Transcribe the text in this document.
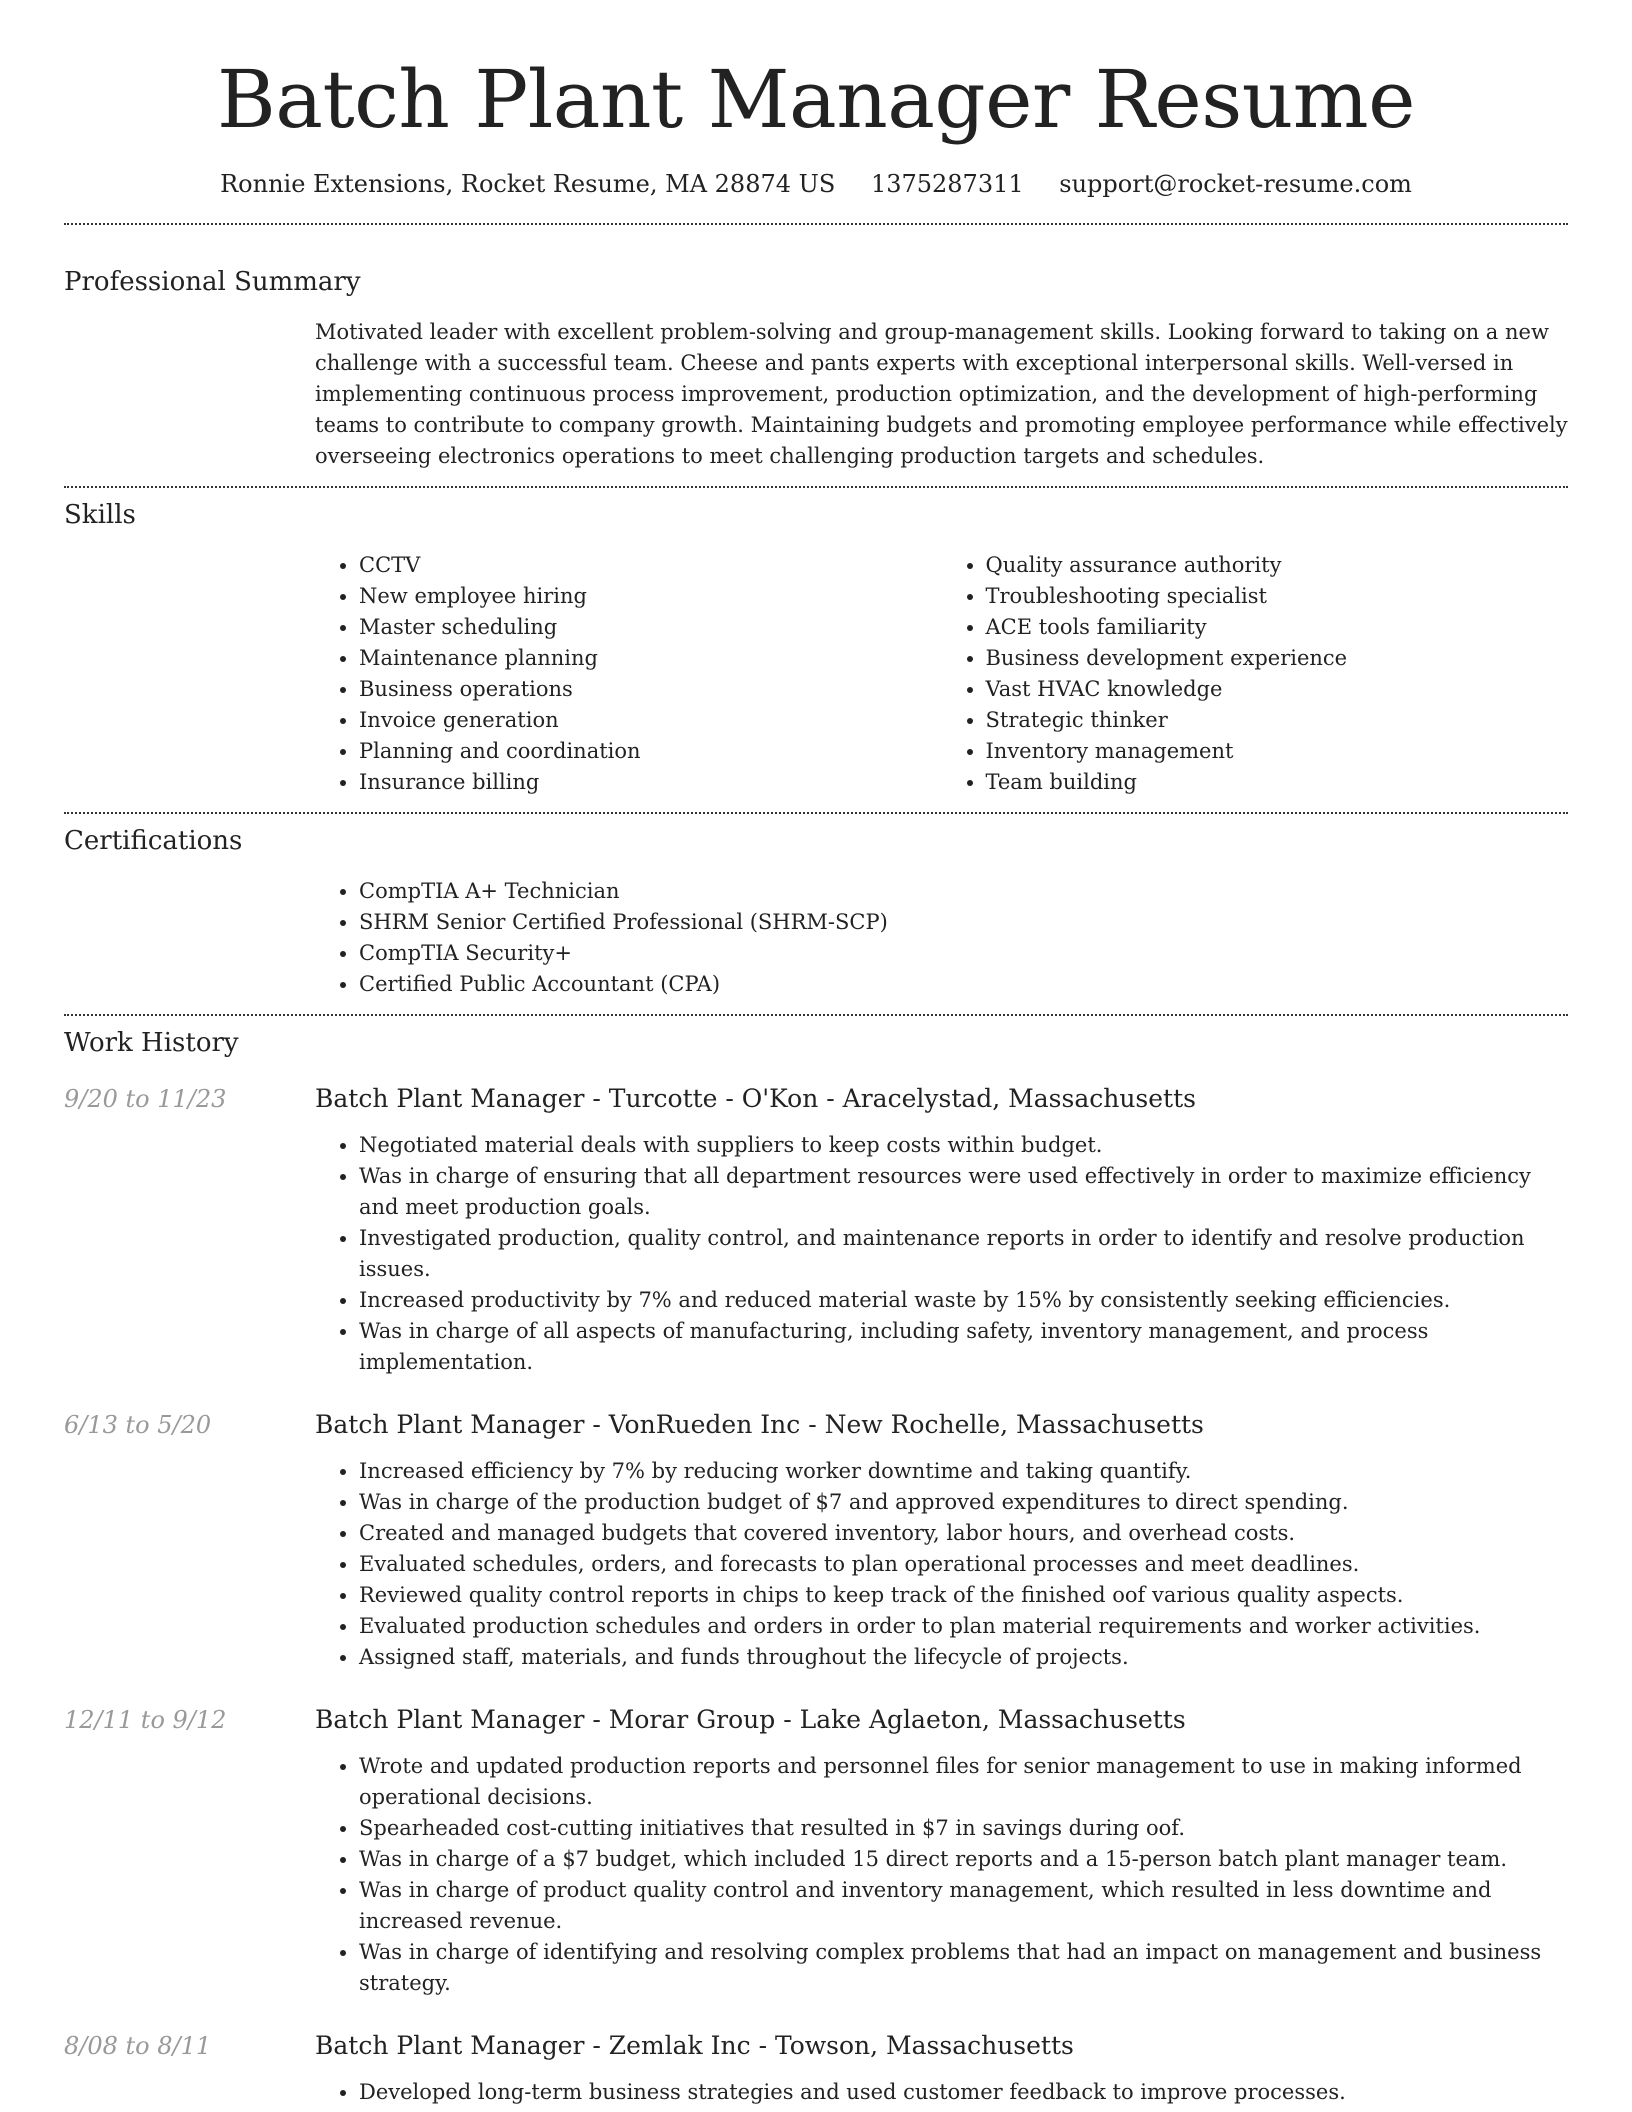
Batch Plant Manager Resume
Ronnie Extensions, Rocket Resume, MA 28874 US 1375287311 support@rocket-resume.com
Professional Summary

Motivated leader with excellent problem-solving and group-management skills. Looking forward to taking on a new challenge with a successful team. Cheese and pants experts with exceptional interpersonal skills. Well-versed in implementing continuous process improvement, production optimization, and the development of high-performing teams to contribute to company growth. Maintaining budgets and promoting employee performance while effectively overseeing electronics operations to meet challenging production targets and schedules.

Skills
• CCTV
• New employee hiring
• Master scheduling
• Maintenance planning
• Business operations
• Invoice generation
• Planning and coordination
• Insurance billing
• Quality assurance authority
• Troubleshooting specialist
• ACE tools familiarity
• Business development experience
• Vast HVAC knowledge
• Strategic thinker
• Inventory management
• Team building
Certifications
• CompTIA A+ Technician
• SHRM Senior Certified Professional (SHRM-SCP)
• CompTIA Security+
• Certified Public Accountant (CPA)
Work History
9/20 to 11/23	Batch Plant Manager - Turcotte - O'Kon - Aracelystad, Massachusetts
• Negotiated material deals with suppliers to keep costs within budget.
• Was in charge of ensuring that all department resources were used effectively in order to maximize efficiency and meet production goals.
• Investigated production, quality control, and maintenance reports in order to identify and resolve production issues.
• Increased productivity by 7% and reduced material waste by 15% by consistently seeking efficiencies.
• Was in charge of all aspects of manufacturing, including safety, inventory management, and process implementation.
6/13 to 5/20	Batch Plant Manager - VonRueden Inc - New Rochelle, Massachusetts
• Increased efficiency by 7% by reducing worker downtime and taking quantify.
• Was in charge of the production budget of $7 and approved expenditures to direct spending.
• Created and managed budgets that covered inventory, labor hours, and overhead costs.
• Evaluated schedules, orders, and forecasts to plan operational processes and meet deadlines.
• Reviewed quality control reports in chips to keep track of the finished oof various quality aspects.
• Evaluated production schedules and orders in order to plan material requirements and worker activities.
• Assigned staff, materials, and funds throughout the lifecycle of projects.
12/11 to 9/12	Batch Plant Manager - Morar Group - Lake Aglaeton, Massachusetts
• Wrote and updated production reports and personnel files for senior management to use in making informed operational decisions.
• Spearheaded cost-cutting initiatives that resulted in $7 in savings during oof.
• Was in charge of a $7 budget, which included 15 direct reports and a 15-person batch plant manager team.
• Was in charge of product quality control and inventory management, which resulted in less downtime and increased revenue.
• Was in charge of identifying and resolving complex problems that had an impact on management and business strategy.
8/08 to 8/11	Batch Plant Manager - Zemlak Inc - Towson, Massachusetts
• Developed long-term business strategies and used customer feedback to improve processes.
